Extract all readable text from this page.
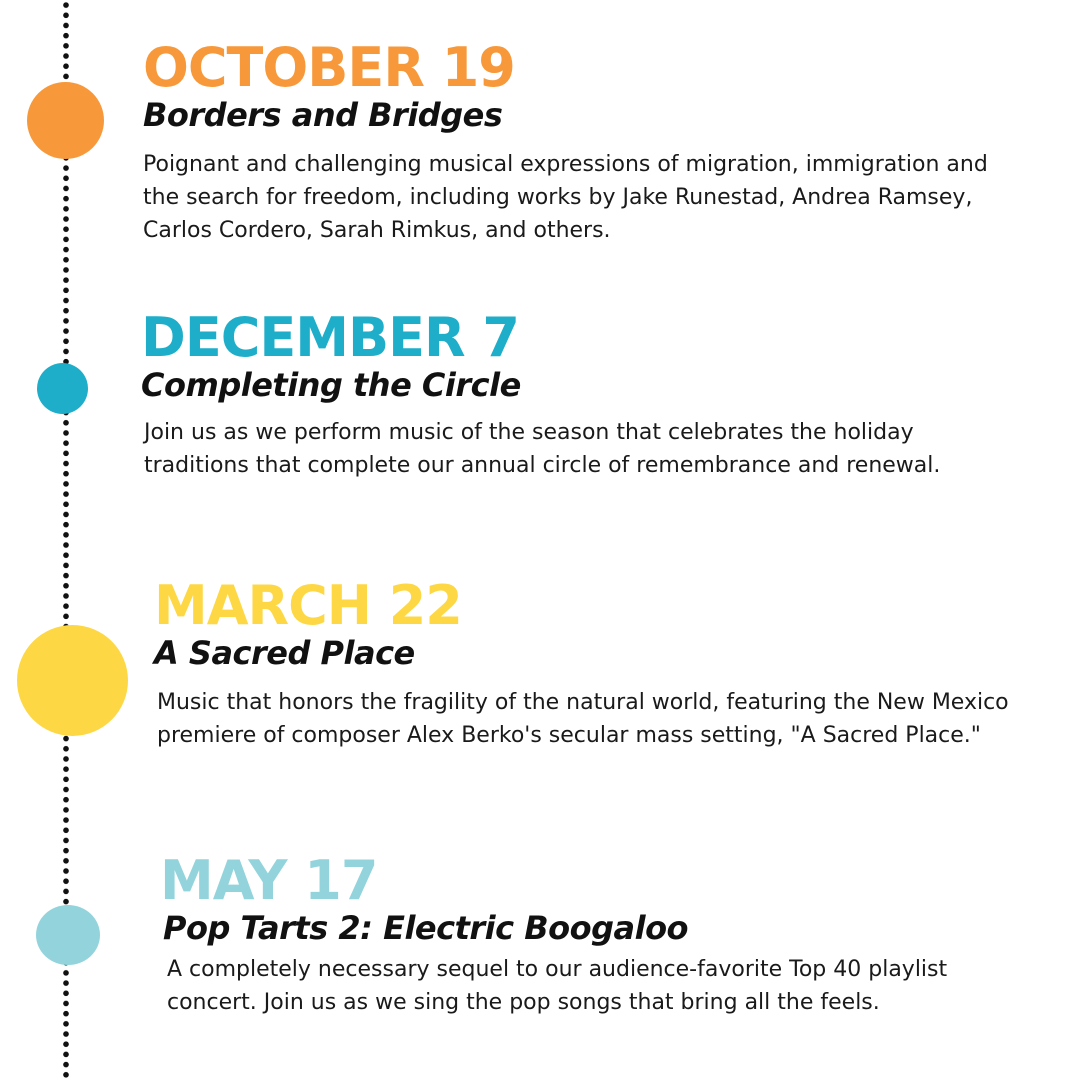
OCTOBER 19
Borders and Bridges

Poignant and challenging musical expressions of migration, immigration and the search for freedom, including works by Jake Runestad, Andrea Ramsey, Carlos Cordero, Sarah Rimkus, and others.

DECEMBER 7
Completing the Circle

Join us as we perform music of the season that celebrates the holiday traditions that complete our annual circle of remembrance and renewal.

MARCH 22
A Sacred Place

Music that honors the fragility of the natural world, featuring the New Mexico premiere of composer Alex Berko's secular mass setting, "A Sacred Place."

MAY 17
Pop Tarts 2: Electric Boogaloo

A completely necessary sequel to our audience-favorite Top 40 playlist concert. Join us as we sing the pop songs that bring all the feels.
